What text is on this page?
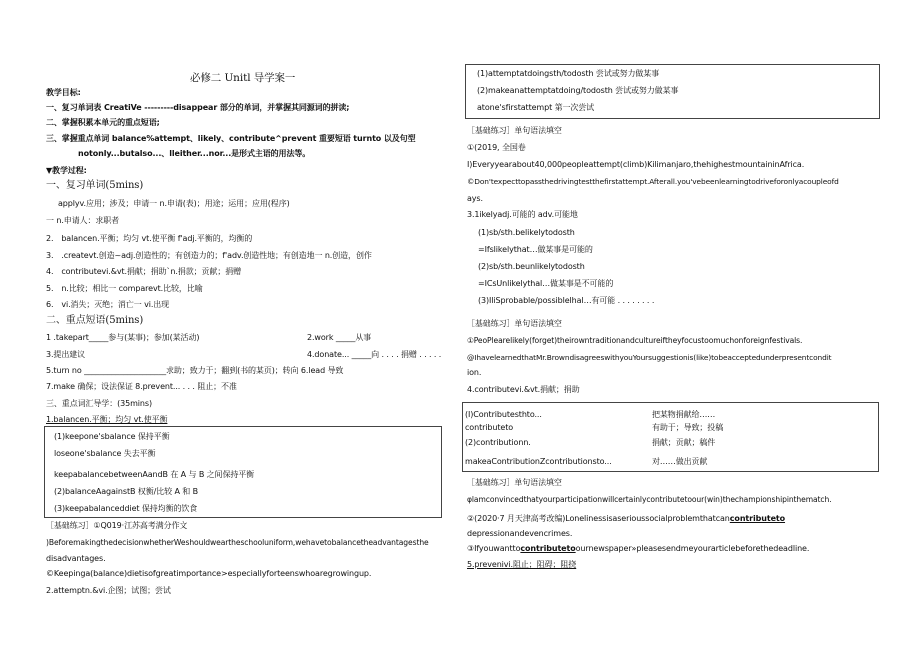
必修二 Unitl 导学案一
教学目标:
一、复习单词表 CreatiVe ---------disappear 部分的单词，并掌握其同源词的拼读;
二、掌握积累本单元的重点短语;
三、掌握重点单词 balance%attempt、likely、contribute^prevent 重要短语 turnto 以及句型
notonly...butalso...、lleither...nor...是形式主语的用法等。
▼教学过程:
一、复习单词(5mins)
applyv.应用；涉及；申请一 n.申请(表)；用途；运用；应用(程序)
一 n.申请人：求职者
2. balancen.平衡；均匀 vt.使平衡 f'adj.平衡的，均衡的
3. .createvt.创造~adj.创造性的；有创造力的；f'adv.创造性地；有创造地一 n.创造，创作
4. contributevi.&vt.捐献；捐助`n.捐款；贡献；捐赠
5. n.比较；相比一 comparevt.比较，比喻
6. vi.消失；灭绝；消亡一 vi.出现
二、重点短语(5mins)
1 .takepart_____参与(某事)；参加(某活动)	2.work _____从事
3.提出建议	4.donate... _____向 . . . . 捐赠 . . . . .
5.turn no _____________________求助；致力于；翻到(书的某页)；转向 6.lead 导致
7.make 确保；设法保证 8.prevent... . . . 阻止；不准
三、重点词汇导学：(35mins)
1.balancen.平衡；均匀 vt.使平衡
(1)keepone'sbalance 保持平衡
loseone'sbalance 失去平衡
keepabalancebetweenAandB 在 A 与 B 之间保持平衡
(2)balanceAagainstB 权衡/比较 A 和 B
(3)keepabalanceddiet 保持均衡的饮食
［基础练习］①Q019·江苏高考满分作文
)BeforemakingthedecisionwhetherWeshouldweartheschooluniform,wehavetobalancetheadvantagesthe
disadvantages.
©Keepinga(balance)dietisofgreatimportance>especiallyforteenswhoaregrowingup.
2.attemptn.&vi.企图；试图；尝试
(1)attemptatdoingsth/todosth 尝试或努力做某事
(2)makeanattemptatdoing/todosth 尝试或努力做某事
atone'sfirstattempt 第一次尝试
［基础练习］单句语法填空
①(2019, 全国卷
I)Everyyearabout40,000peopleattempt(climb)Kilimanjaro,thehighestmountaininAfrica.
©Don'texpecttopassthedrivingtestthefirstattempt.Afterall.you'vebeenlearningtodriveforonlyacoupleofd
ays.
3.1ikelyadj.可能的 adv.可能地
(1)sb/sth.belikelytodosth
=Ifslikelythat…做某事是可能的
(2)sb/sth.beunlikelytodosth
=ICsUnlikelythal…做某事是不可能的
(3)IliSprobable/possiblelhal…有可能 . . . . . . . .
［基础练习］单句语法填空
①PeoPlearelikely(forget)theirowntraditionandcultureiftheyfocustoomuchonforeignfestivals.
@IhavelearnedthatMr.BrowndisagreeswithyouYoursuggestionis(like)tobeacceptedunderpresentcondit
ion.
4.contributevi.&vt.捐献；捐助
(I)Contributesthto...	把某物捐献给……
contributeto	有助于；导致；投稿
(2)contributionn.	捐献；贡献；稿件
makeaContributionZcontributionsto...	对……做出贡献
［基础练习］单句语法填空
φlamconvincedthatyourparticipationwillcertainlycontributetoour(win)thechampionshipinthematch.
②(2020·7 月天津高考改编)Lonelinessisaserioussocialproblemthatcancontributeto
depressionandevencrimes.
③Ifyouwanttocontributetoournewspaper»pleasesendmeyourarticlebeforethedeadline.
5.prevenivi.阻止；阻碍；阻挠
